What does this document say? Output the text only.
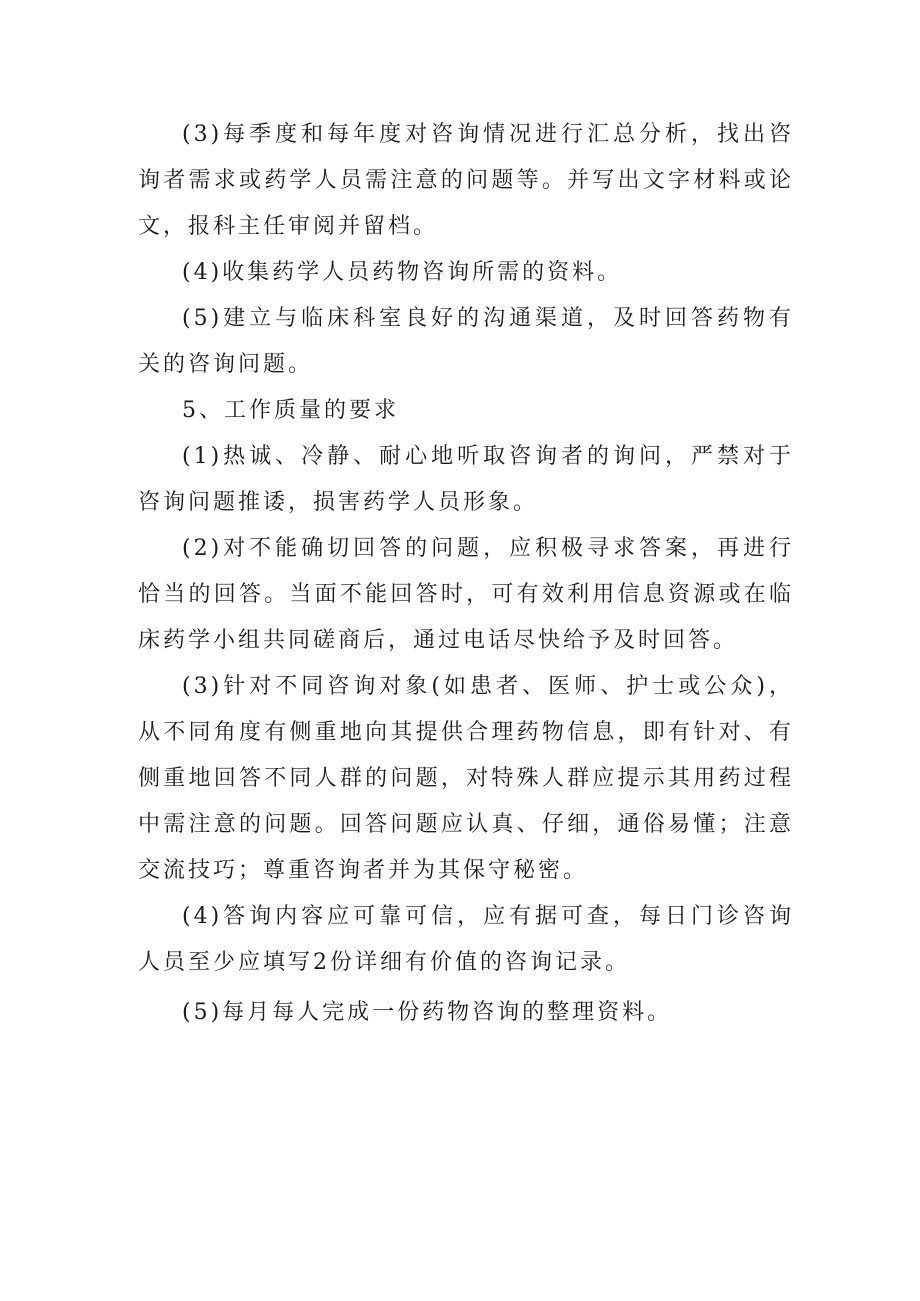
(3)每季度和每年度对咨询情况进行汇总分析，找出咨询者需求或药学人员需注意的问题等。并写出文字材料或论文，报科主任审阅并留档。

(4)收集药学人员药物咨询所需的资料。

(5)建立与临床科室良好的沟通渠道，及时回答药物有关的咨询问题。

5、工作质量的要求

(1)热诚、冷静、耐心地听取咨询者的询问，严禁对于咨询问题推诿，损害药学人员形象。

(2)对不能确切回答的问题，应积极寻求答案，再进行恰当的回答。当面不能回答时，可有效利用信息资源或在临床药学小组共同磋商后，通过电话尽快给予及时回答。

(3)针对不同咨询对象(如患者、医师、护士或公众)，从不同角度有侧重地向其提供合理药物信息，即有针对、有侧重地回答不同人群的问题，对特殊人群应提示其用药过程中需注意的问题。回答问题应认真、仔细，通俗易懂；注意交流技巧；尊重咨询者并为其保守秘密。

(4)答询内容应可靠可信，应有据可查，每日门诊咨询人员至少应填写2份详细有价值的咨询记录。

(5)每月每人完成一份药物咨询的整理资料。
